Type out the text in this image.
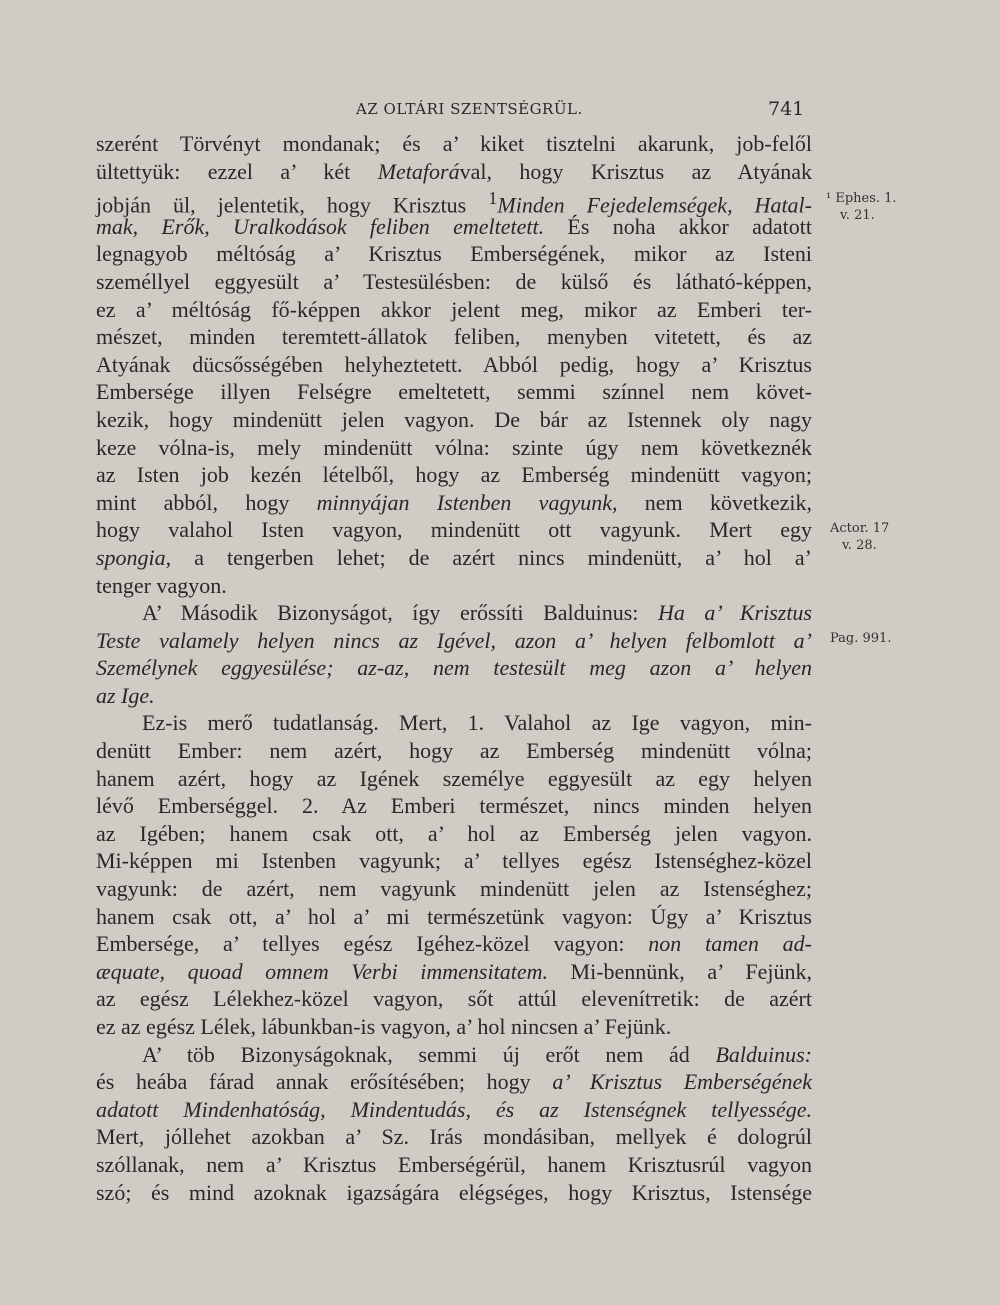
AZ OLTÁRI SZENTSÉGRÜL.	741
szerént Törvényt mondanak; és a’ kiket tisztelni akarunk, job-felől
ültettyük: ezzel a’ két Metaforával, hogy Krisztus az Atyának
jobján ül, jelentetik, hogy Krisztus $^1$Minden Fejedelemségek, Hatal-
mak, Erők, Uralkodások feliben emeltetett. És noha akkor adatott
legnagyob méltóság a’ Krisztus Emberségének, mikor az Isteni
személlyel eggyesült a’ Testesülésben: de külső és látható-képpen,
ez a’ méltóság fő-képpen akkor jelent meg, mikor az Emberi ter-
mészet, minden teremtett-állatok feliben, menyben vitetett, és az
Atyának dücsősségében helyheztetett. Abból pedig, hogy a’ Krisztus
Embersége illyen Felségre emeltetett, semmi színnel nem követ-
kezik, hogy mindenütt jelen vagyon. De bár az Istennek oly nagy
keze vólna-is, mely mindenütt vólna: szinte úgy nem következnék
az Isten job kezén lételből, hogy az Emberség mindenütt vagyon;
mint abból, hogy minnyájan Istenben vagyunk, nem következik,
hogy valahol Isten vagyon, mindenütt ott vagyunk. Mert egy
spongia, a tengerben lehet; de azért nincs mindenütt, a’ hol a’
tenger vagyon.
A’ Második Bizonyságot, így erőssíti Balduinus: Ha a’ Krisztus
Teste valamely helyen nincs az Igével, azon a’ helyen felbomlott a’
Személynek eggyesülése; az-az, nem testesült meg azon a’ helyen
az Ige.
Ez-is merő tudatlanság. Mert, 1. Valahol az Ige vagyon, min-
denütt Ember: nem azért, hogy az Emberség mindenütt vólna;
hanem azért, hogy az Igének személye eggyesült az egy helyen
lévő Emberséggel. 2. Az Emberi természet, nincs minden helyen
az Igében; hanem csak ott, a’ hol az Emberség jelen vagyon.
Mi-képpen mi Istenben vagyunk; a’ tellyes egész Istenséghez-közel
vagyunk: de azért, nem vagyunk mindenütt jelen az Istenséghez;
hanem csak ott, a’ hol a’ mi természetünk vagyon: Úgy a’ Krisztus
Embersége, a’ tellyes egész Igéhez-közel vagyon: non tamen ad-
æquate, quoad omnem Verbi immensitatem. Mi-bennünk, a’ Fejünk,
az egész Lélekhez-közel vagyon, sőt attúl elevenítтetik: de azért
ez az egész Lélek, lábunkban-is vagyon, a’ hol nincsen a’ Fejünk.
A’ töb Bizonyságoknak, semmi új erőt nem ád Balduinus:
és heába fárad annak erősítésében; hogy a’ Krisztus Emberségének
adatott Mindenhatóság, Mindentudás, és az Istenségnek tellyessége.
Mert, jóllehet azokban a’ Sz. Irás mondásiban, mellyek é dologrúl
szóllanak, nem a’ Krisztus Emberségérül, hanem Krisztusrúl vagyon
szó; és mind azoknak igazságára elégséges, hogy Krisztus, Istensége
¹ Ephes. 1.
v. 21.
Actor. 17
v. 28.
Pag. 991.
